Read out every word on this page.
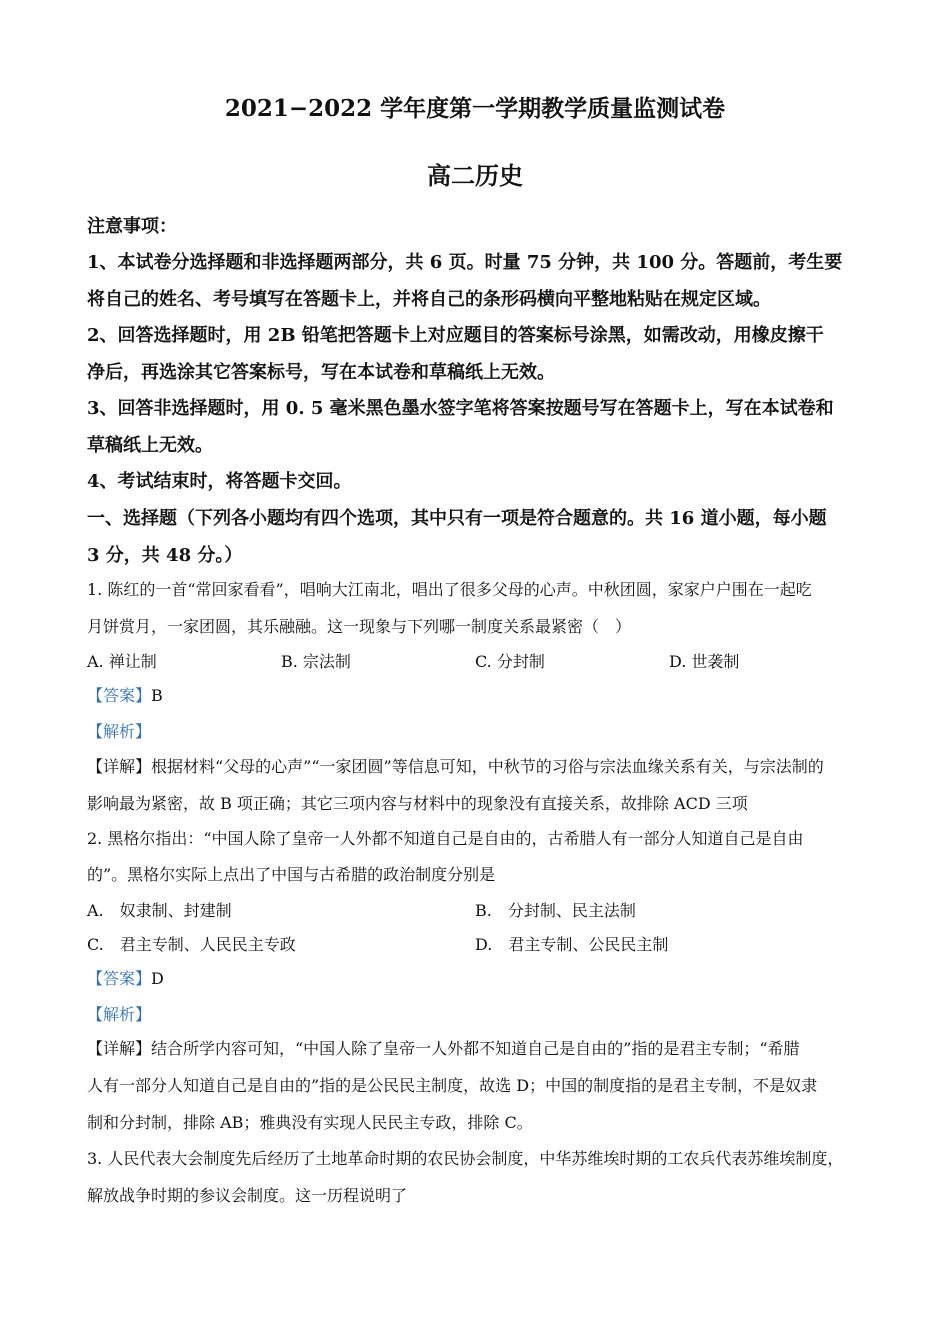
2021−2022 学年度第一学期教学质量监测试卷
高二历史
注意事项：
1、本试卷分选择题和非选择题两部分，共 6 页。时量 75 分钟，共 100 分。答题前，考生要
将自己的姓名、考号填写在答题卡上，并将自己的条形码横向平整地粘贴在规定区域。
2、回答选择题时，用 2B 铅笔把答题卡上对应题目的答案标号涂黑，如需改动，用橡皮擦干
净后，再选涂其它答案标号，写在本试卷和草稿纸上无效。
3、回答非选择题时，用 0. 5 毫米黑色墨水签字笔将答案按题号写在答题卡上，写在本试卷和
草稿纸上无效。
4、考试结束时，将答题卡交回。
一、选择题（下列各小题均有四个选项，其中只有一项是符合题意的。共 16 道小题，每小题
3 分，共 48 分。）
1. 陈红的一首“常回家看看”，唱响大江南北，唱出了很多父母的心声。中秋团圆，家家户户围在一起吃
月饼赏月，一家团圆，其乐融融。这一现象与下列哪一制度关系最紧密（　）
A. 禅让制	B. 宗法制	C. 分封制	D. 世袭制
【答案】B
【解析】
【详解】根据材料“父母的心声”“一家团圆”等信息可知，中秋节的习俗与宗法血缘关系有关，与宗法制的
影响最为紧密，故 B 项正确；其它三项内容与材料中的现象没有直接关系，故排除 ACD 三项
2. 黑格尔指出：“中国人除了皇帝一人外都不知道自己是自由的，古希腊人有一部分人知道自己是自由
的”。黑格尔实际上点出了中国与古希腊的政治制度分别是
A.　奴隶制、封建制	B.　分封制、民主法制
C.　君主专制、人民民主专政	D.　君主专制、公民民主制
【答案】D
【解析】
【详解】结合所学内容可知，“中国人除了皇帝一人外都不知道自己是自由的”指的是君主专制；“希腊
人有一部分人知道自己是自由的”指的是公民民主制度，故选 D；中国的制度指的是君主专制，不是奴隶
制和分封制，排除 AB；雅典没有实现人民民主专政，排除 C。
3. 人民代表大会制度先后经历了土地革命时期的农民协会制度，中华苏维埃时期的工农兵代表苏维埃制度，
解放战争时期的参议会制度。这一历程说明了
